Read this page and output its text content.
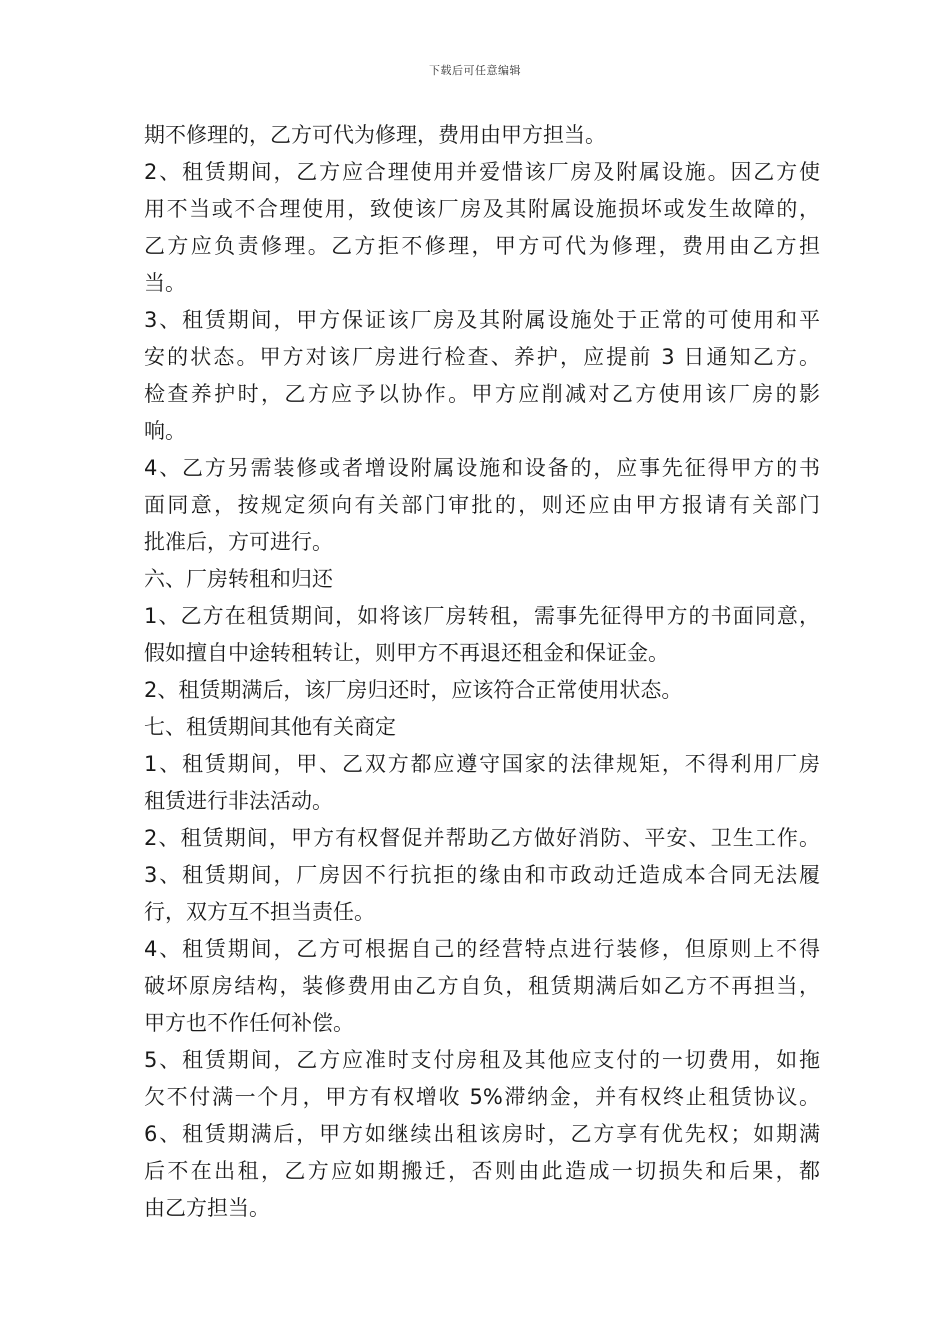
下载后可任意编辑
期不修理的，乙方可代为修理，费用由甲方担当。
2、租赁期间，乙方应合理使用并爱惜该厂房及附属设施。因乙方使
用不当或不合理使用，致使该厂房及其附属设施损坏或发生故障的，
乙方应负责修理。乙方拒不修理，甲方可代为修理，费用由乙方担
当。
3、租赁期间，甲方保证该厂房及其附属设施处于正常的可使用和平
安的状态。甲方对该厂房进行检查、养护，应提前 3 日通知乙方。
检查养护时，乙方应予以协作。甲方应削减对乙方使用该厂房的影
响。
4、乙方另需装修或者增设附属设施和设备的，应事先征得甲方的书
面同意，按规定须向有关部门审批的，则还应由甲方报请有关部门
批准后，方可进行。
六、厂房转租和归还
1、乙方在租赁期间，如将该厂房转租，需事先征得甲方的书面同意，
假如擅自中途转租转让，则甲方不再退还租金和保证金。
2、租赁期满后，该厂房归还时，应该符合正常使用状态。
七、租赁期间其他有关商定
1、租赁期间，甲、乙双方都应遵守国家的法律规矩，不得利用厂房
租赁进行非法活动。
2、租赁期间，甲方有权督促并帮助乙方做好消防、平安、卫生工作。
3、租赁期间，厂房因不行抗拒的缘由和市政动迁造成本合同无法履
行，双方互不担当责任。
4、租赁期间，乙方可根据自己的经营特点进行装修，但原则上不得
破坏原房结构，装修费用由乙方自负，租赁期满后如乙方不再担当，
甲方也不作任何补偿。
5、租赁期间，乙方应准时支付房租及其他应支付的一切费用，如拖
欠不付满一个月，甲方有权增收 5%滞纳金，并有权终止租赁协议。
6、租赁期满后，甲方如继续出租该房时，乙方享有优先权；如期满
后不在出租，乙方应如期搬迁，否则由此造成一切损失和后果，都
由乙方担当。
